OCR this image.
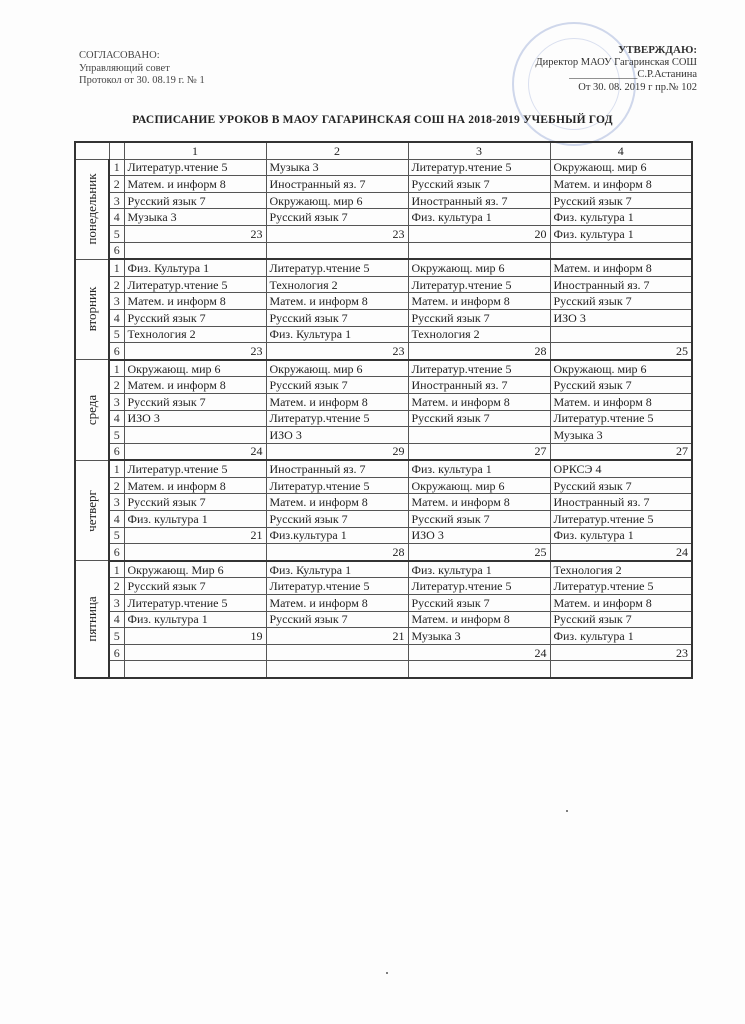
СОГЛАСОВАНО:
Управляющий совет
Протокол от 30. 08.19 г. № 1
УТВЕРЖДАЮ:
Директор МАОУ Гагаринская СОШ
_____________С.Р.Астанина
От 30. 08. 2019 г пр.№ 102
РАСПИСАНИЕ УРОКОВ В МАОУ ГАГАРИНСКАЯ СОШ НА 2018-2019 УЧЕБНЫЙ ГОД
		1	2	3	4

понедельник	1	Литератур.чтение 5	Музыка 3	Литератур.чтение 5	Окружающ. мир 6
	2	Матем. и информ 8	Иностранный яз. 7	Русский язык 7	Матем. и информ 8
	3	Русский язык 7	Окружающ. мир 6	Иностранный яз. 7	Русский язык 7
	4	Музыка 3	Русский язык 7	Физ. культура 1	Физ. культура 1
	5	23	23	20	Физ. культура 1
	6				

вторник	1	Физ. Культура 1	Литератур.чтение 5	Окружающ. мир 6	Матем. и информ 8
	2	Литератур.чтение 5	Технология 2	Литератур.чтение 5	Иностранный яз. 7
	3	Матем. и информ 8	Матем. и информ 8	Матем. и информ 8	Русский язык 7
	4	Русский язык 7	Русский язык 7	Русский язык 7	ИЗО 3
	5	Технология 2	Физ. Культура 1	Технология 2	
	6	23	23	28	25

среда	1	Окружающ. мир 6	Окружающ. мир 6	Литератур.чтение 5	Окружающ. мир 6
	2	Матем. и информ 8	Русский язык 7	Иностранный яз. 7	Русский язык 7
	3	Русский язык 7	Матем. и информ 8	Матем. и информ 8	Матем. и информ 8
	4	ИЗО 3	Литератур.чтение 5	Русский язык 7	Литератур.чтение 5
	5		ИЗО 3		Музыка 3
	6	24	29	27	27

четверг	1	Литератур.чтение 5	Иностранный яз. 7	Физ. культура 1	ОРКСЭ 4
	2	Матем. и информ 8	Литератур.чтение 5	Окружающ. мир 6	Русский язык 7
	3	Русский язык 7	Матем. и информ 8	Матем. и информ 8	Иностранный яз. 7
	4	Физ. культура 1	Русский язык 7	Русский язык 7	Литератур.чтение 5
	5	21	Физ.культура 1	ИЗО 3	Физ. культура 1
	6		28	25	24

пятница	1	Окружающ. Мир 6	Физ. Культура 1	Физ. культура 1	Технология 2
	2	Русский язык 7	Литератур.чтение 5	Литератур.чтение 5	Литератур.чтение 5
	3	Литератур.чтение 5	Матем. и информ 8	Русский язык 7	Матем. и информ 8
	4	Физ. культура 1	Русский язык 7	Матем. и информ 8	Русский язык 7
	5	19	21	Музыка 3	Физ. культура 1
	6			24	23
